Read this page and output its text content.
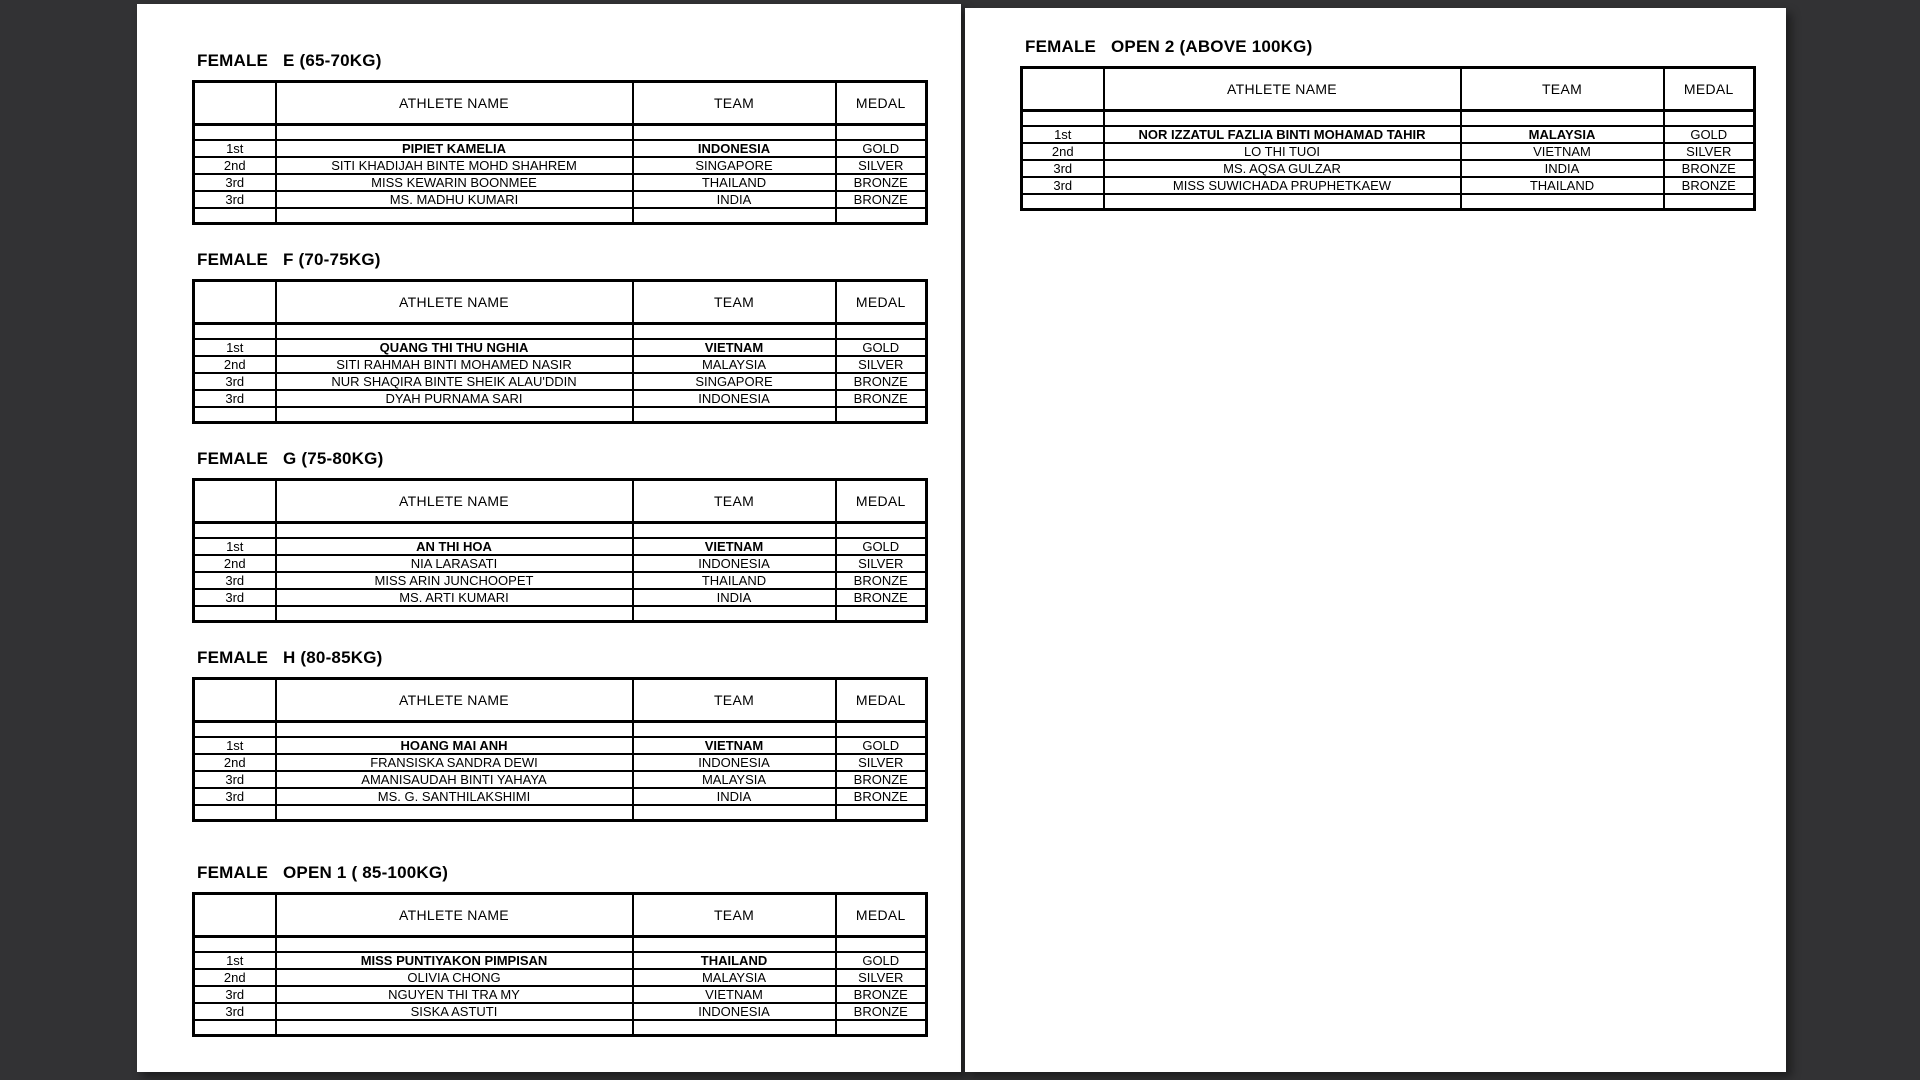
FEMALE E (65-70KG)
	ATHLETE NAME	TEAM	MEDAL

1st	PIPIET KAMELIA	INDONESIA	GOLD
2nd	SITI KHADIJAH BINTE MOHD SHAHREM	SINGAPORE	SILVER
3rd	MISS KEWARIN BOONMEE	THAILAND	BRONZE
3rd	MS. MADHU KUMARI	INDIA	BRONZE

FEMALE F (70-75KG)
	ATHLETE NAME	TEAM	MEDAL

1st	QUANG THI THU NGHIA	VIETNAM	GOLD
2nd	SITI RAHMAH BINTI MOHAMED NASIR	MALAYSIA	SILVER
3rd	NUR SHAQIRA BINTE SHEIK ALAU'DDIN	SINGAPORE	BRONZE
3rd	DYAH PURNAMA SARI	INDONESIA	BRONZE

FEMALE G (75-80KG)
	ATHLETE NAME	TEAM	MEDAL

1st	AN THI HOA	VIETNAM	GOLD
2nd	NIA LARASATI	INDONESIA	SILVER
3rd	MISS ARIN JUNCHOOPET	THAILAND	BRONZE
3rd	MS. ARTI KUMARI	INDIA	BRONZE

FEMALE H (80-85KG)
	ATHLETE NAME	TEAM	MEDAL

1st	HOANG MAI ANH	VIETNAM	GOLD
2nd	FRANSISKA SANDRA DEWI	INDONESIA	SILVER
3rd	AMANISAUDAH BINTI YAHAYA	MALAYSIA	BRONZE
3rd	MS. G. SANTHILAKSHIMI	INDIA	BRONZE

FEMALE OPEN 1 ( 85-100KG)
	ATHLETE NAME	TEAM	MEDAL

1st	MISS PUNTIYAKON PIMPISAN	THAILAND	GOLD
2nd	OLIVIA CHONG	MALAYSIA	SILVER
3rd	NGUYEN THI TRA MY	VIETNAM	BRONZE
3rd	SISKA ASTUTI	INDONESIA	BRONZE

FEMALE OPEN 2 (ABOVE 100KG)
	ATHLETE NAME	TEAM	MEDAL

1st	NOR IZZATUL FAZLIA BINTI MOHAMAD TAHIR	MALAYSIA	GOLD
2nd	LO THI TUOI	VIETNAM	SILVER
3rd	MS. AQSA GULZAR	INDIA	BRONZE
3rd	MISS SUWICHADA PRUPHETKAEW	THAILAND	BRONZE
